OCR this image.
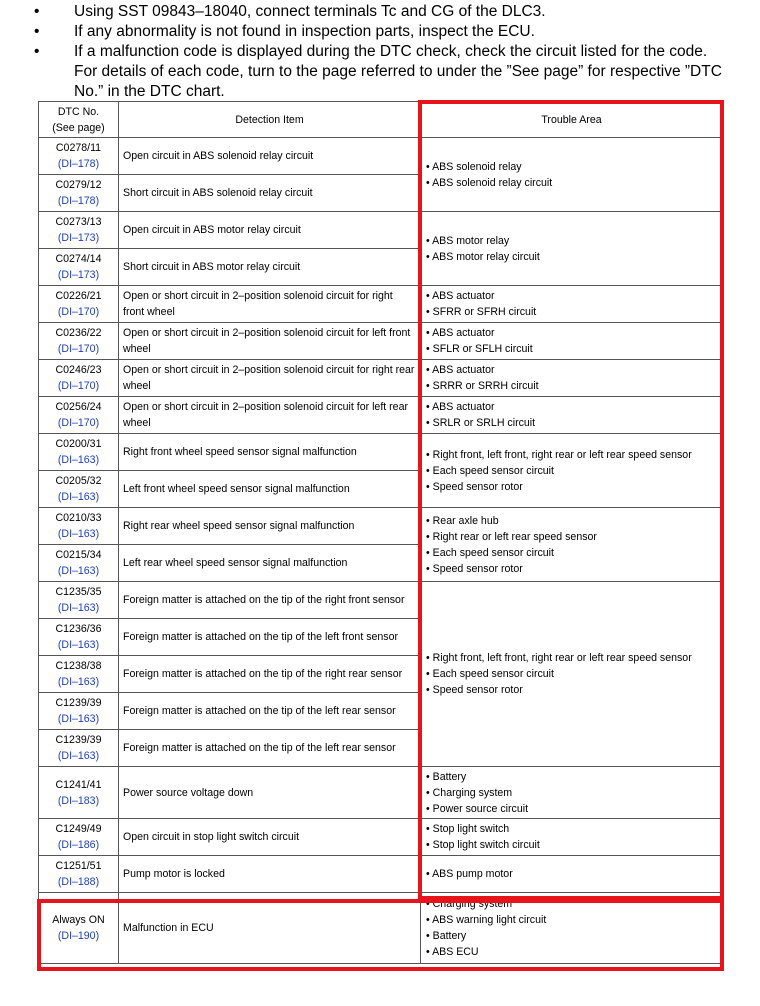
• Using SST 09843–18040, connect terminals Tc and CG of the DLC3.

• If any abnormality is not found in inspection parts, inspect the ECU.

• If a malfunction code is displayed during the DTC check, check the circuit listed for the code. For details of each code, turn to the page referred to under the ”See page” for respective ”DTC No.” in the DTC chart.

DTC No.
(See page)	Detection Item	Trouble Area

C0278/11
(DI–178)	Open circuit in ABS solenoid relay circuit	• ABS solenoid relay
• ABS solenoid relay circuit

C0279/12
(DI–178)	Short circuit in ABS solenoid relay circuit	

C0273/13
(DI–173)	Open circuit in ABS motor relay circuit	• ABS motor relay
• ABS motor relay circuit

C0274/14
(DI–173)	Short circuit in ABS motor relay circuit	

C0226/21
(DI–170)	Open or short circuit in 2–position solenoid circuit for right front wheel	• ABS actuator
• SFRR or SFRH circuit

C0236/22
(DI–170)	Open or short circuit in 2–position solenoid circuit for left front wheel	• ABS actuator
• SFLR or SFLH circuit

C0246/23
(DI–170)	Open or short circuit in 2–position solenoid circuit for right rear wheel	• ABS actuator
• SRRR or SRRH circuit

C0256/24
(DI–170)	Open or short circuit in 2–position solenoid circuit for left rear wheel	• ABS actuator
• SRLR or SRLH circuit

C0200/31
(DI–163)	Right front wheel speed sensor signal malfunction	• Right front, left front, right rear or left rear speed sensor
• Each speed sensor circuit
• Speed sensor rotor

C0205/32
(DI–163)	Left front wheel speed sensor signal malfunction	

C0210/33
(DI–163)	Right rear wheel speed sensor signal malfunction	• Rear axle hub
• Right rear or left rear speed sensor
• Each speed sensor circuit
• Speed sensor rotor

C0215/34
(DI–163)	Left rear wheel speed sensor signal malfunction	

C1235/35
(DI–163)	Foreign matter is attached on the tip of the right front sensor	• Right front, left front, right rear or left rear speed sensor
• Each speed sensor circuit
• Speed sensor rotor

C1236/36
(DI–163)	Foreign matter is attached on the tip of the left front sensor	

C1238/38
(DI–163)	Foreign matter is attached on the tip of the right rear sensor	

C1239/39
(DI–163)	Foreign matter is attached on the tip of the left rear sensor	

C1239/39
(DI–163)	Foreign matter is attached on the tip of the left rear sensor	

C1241/41
(DI–183)	Power source voltage down	• Battery
• Charging system
• Power source circuit

C1249/49
(DI–186)	Open circuit in stop light switch circuit	• Stop light switch
• Stop light switch circuit

C1251/51
(DI–188)	Pump motor is locked	• ABS pump motor

Always ON
(DI–190)	Malfunction in ECU	• Charging system
• ABS warning light circuit
• Battery
• ABS ECU
